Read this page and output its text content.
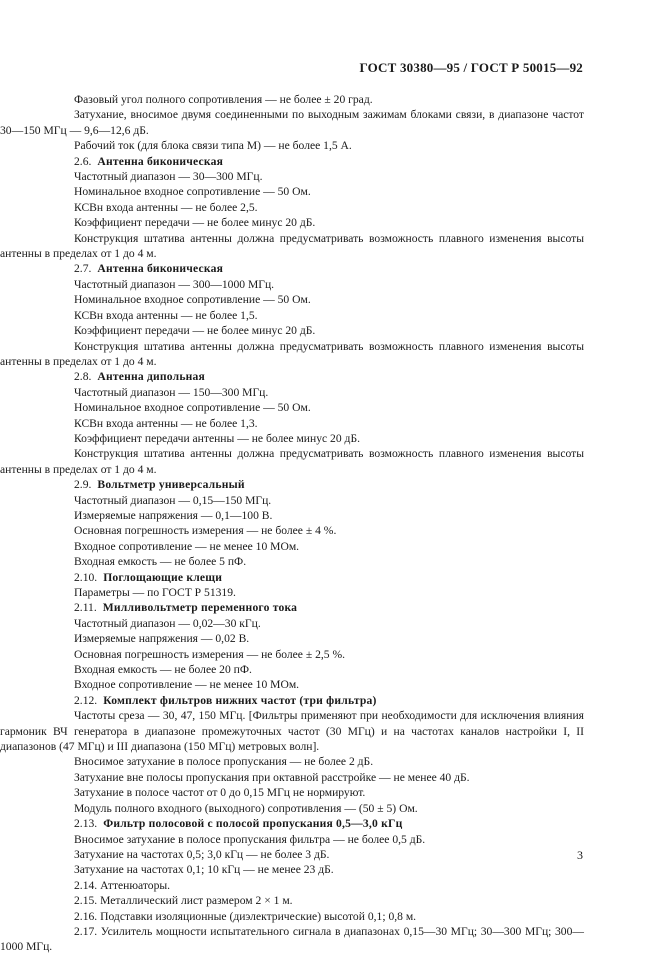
ГОСТ 30380—95 / ГОСТ Р 50015—92
Фазовый угол полного сопротивления — не более ± 20 град.
Затухание, вносимое двумя соединенными по выходным зажимам блоками связи, в диапазоне частот 30—150 МГц — 9,6—12,6 дБ.
Рабочий ток (для блока связи типа М) — не более 1,5 А.
2.6. Антенна биконическая
Частотный диапазон — 30—300 МГц.
Номинальное входное сопротивление — 50 Ом.
КСВн входа антенны — не более 2,5.
Коэффициент передачи — не более минус 20 дБ.
Конструкция штатива антенны должна предусматривать возможность плавного изменения высоты антенны в пределах от 1 до 4 м.
2.7. Антенна биконическая
Частотный диапазон — 300—1000 МГц.
Номинальное входное сопротивление — 50 Ом.
КСВн входа антенны — не более 1,5.
Коэффициент передачи — не более минус 20 дБ.
Конструкция штатива антенны должна предусматривать возможность плавного изменения высоты антенны в пределах от 1 до 4 м.
2.8. Антенна дипольная
Частотный диапазон — 150—300 МГц.
Номинальное входное сопротивление — 50 Ом.
КСВн входа антенны — не более 1,3.
Коэффициент передачи антенны — не более минус 20 дБ.
Конструкция штатива антенны должна предусматривать возможность плавного изменения высоты антенны в пределах от 1 до 4 м.
2.9. Вольтметр универсальный
Частотный диапазон — 0,15—150 МГц.
Измеряемые напряжения — 0,1—100 В.
Основная погрешность измерения — не более ± 4 %.
Входное сопротивление — не менее 10 МОм.
Входная емкость — не более 5 пФ.
2.10. Поглощающие клещи
Параметры — по ГОСТ Р 51319.
2.11. Милливольтметр переменного тока
Частотный диапазон — 0,02—30 кГц.
Измеряемые напряжения — 0,02 В.
Основная погрешность измерения — не более ± 2,5 %.
Входная емкость — не более 20 пФ.
Входное сопротивление — не менее 10 МОм.
2.12. Комплект фильтров нижних частот (три фильтра)
Частоты среза — 30, 47, 150 МГц. [Фильтры применяют при необходимости для исключения влияния гармоник ВЧ генератора в диапазоне промежуточных частот (30 МГц) и на частотах каналов настройки I, II диапазонов (47 МГц) и III диапазона (150 МГц) метровых волн].
Вносимое затухание в полосе пропускания — не более 2 дБ.
Затухание вне полосы пропускания при октавной расстройке — не менее 40 дБ.
Затухание в полосе частот от 0 до 0,15 МГц не нормируют.
Модуль полного входного (выходного) сопротивления — (50 ± 5) Ом.
2.13. Фильтр полосовой с полосой пропускания 0,5—3,0 кГц
Вносимое затухание в полосе пропускания фильтра — не более 0,5 дБ.
Затухание на частотах 0,5; 3,0 кГц — не более 3 дБ.
Затухание на частотах 0,1; 10 кГц — не менее 23 дБ.
2.14. Аттенюаторы.
2.15. Металлический лист размером 2 × 1 м.
2.16. Подставки изоляционные (диэлектрические) высотой 0,1; 0,8 м.
2.17. Усилитель мощности испытательного сигнала в диапазонах 0,15—30 МГц; 30—300 МГц; 300—1000 МГц.
3
